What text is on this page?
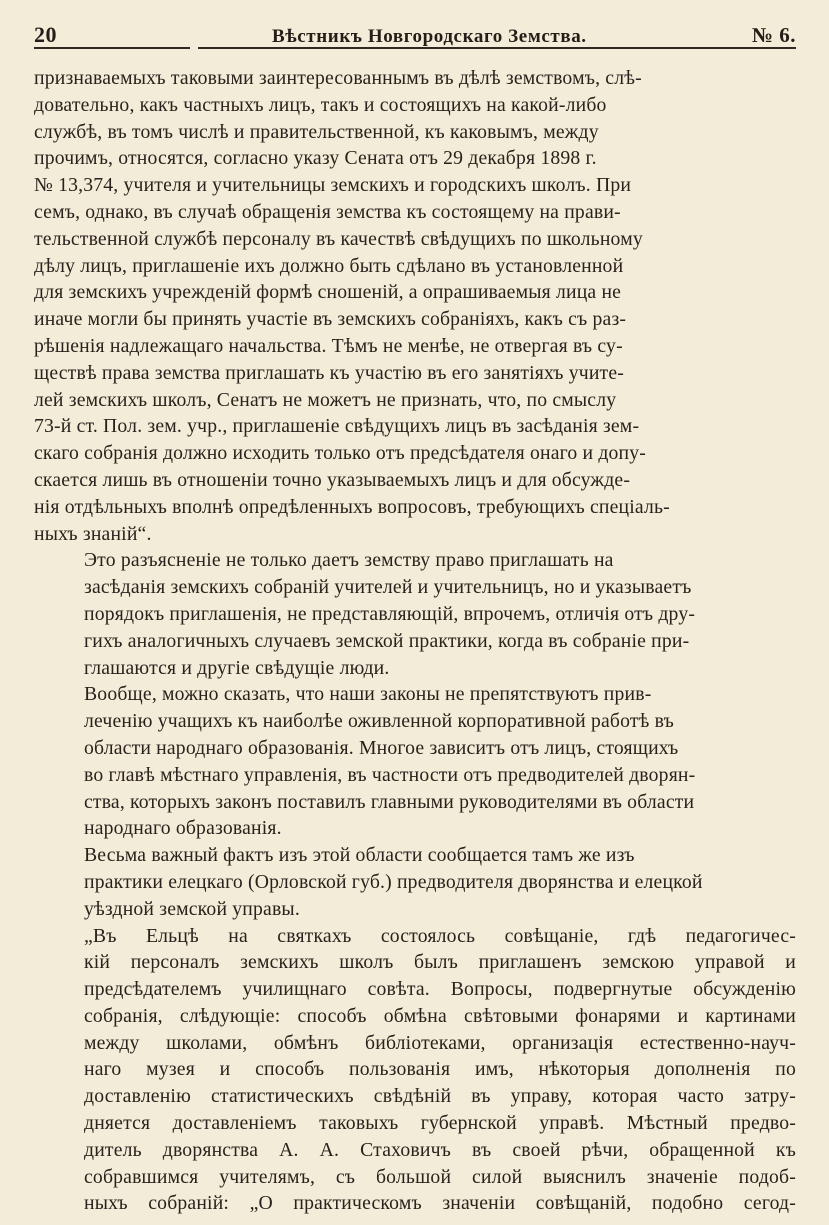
20	Вѣстникъ Новгородскаго Земства.	№ 6.

признаваемыхъ таковыми заинтересованнымъ въ дѣлѣ земствомъ, слѣ-
довательно, какъ частныхъ лицъ, такъ и состоящихъ на какой-либо
службѣ, въ томъ числѣ и правительственной, къ каковымъ, между
прочимъ, относятся, согласно указу Сената отъ 29 декабря 1898 г.
№ 13,374, учителя и учительницы земскихъ и городскихъ школъ. При
семъ, однако, въ случаѣ обращенія земства къ состоящему на прави-
тельственной службѣ персоналу въ качествѣ свѣдущихъ по школьному
дѣлу лицъ, приглашеніе ихъ должно быть сдѣлано въ установленной
для земскихъ учрежденій формѣ сношеній, а опрашиваемыя лица не
иначе могли бы принять участіе въ земскихъ собраніяхъ, какъ съ раз-
рѣшенія надлежащаго начальства. Тѣмъ не менѣе, не отвергая въ су-
ществѣ права земства приглашать къ участію въ его занятіяхъ учите-
лей земскихъ школъ, Сенатъ не можетъ не признать, что, по смыслу
73-й ст. Пол. зем. учр., приглашеніе свѣдущихъ лицъ въ засѣданія зем-
скаго собранія должно исходить только отъ предсѣдателя онаго и допу-
скается лишь въ отношеніи точно указываемыхъ лицъ и для обсужде-
нія отдѣльныхъ вполнѣ опредѣленныхъ вопросовъ, требующихъ спеціаль-
ныхъ знаній“.

Это разъясненіе не только даетъ земству право приглашать на
засѣданія земскихъ собраній учителей и учительницъ, но и указываетъ
порядокъ приглашенія, не представляющій, впрочемъ, отличія отъ дру-
гихъ аналогичныхъ случаевъ земской практики, когда въ собраніе при-
глашаются и другіе свѣдущіе люди.

Вообще, можно сказать, что наши законы не препятствуютъ прив-
леченію учащихъ къ наиболѣе оживленной корпоративной работѣ въ
области народнаго образованія. Многое зависитъ отъ лицъ, стоящихъ
во главѣ мѣстнаго управленія, въ частности отъ предводителей дворян-
ства, которыхъ законъ поставилъ главными руководителями въ области
народнаго образованія.

Весьма важный фактъ изъ этой области сообщается тамъ же изъ
практики елецкаго (Орловской губ.) предводителя дворянства и елецкой
уѣздной земской управы.

„Въ Ельцѣ на святкахъ состоялось совѣщаніе, гдѣ педагогичес-
кій персоналъ земскихъ школъ былъ приглашенъ земскою управой и
предсѣдателемъ училищнаго совѣта. Вопросы, подвергнутые обсужденію
собранія, слѣдующіе: способъ обмѣна свѣтовыми фонарями и картинами
между школами, обмѣнъ библіотеками, организація естественно-науч-
наго музея и способъ пользованія имъ, нѣкоторыя дополненія по
доставленію статистическихъ свѣдѣній въ управу, которая часто затру-
дняется доставленіемъ таковыхъ губернской управѣ. Мѣстный предво-
дитель дворянства А. А. Стаховичъ въ своей рѣчи, обращенной къ
собравшимся учителямъ, съ большой силой выяснилъ значеніе подоб-
ныхъ собраній: „О практическомъ значеніи совѣщаній, подобно сегод-
